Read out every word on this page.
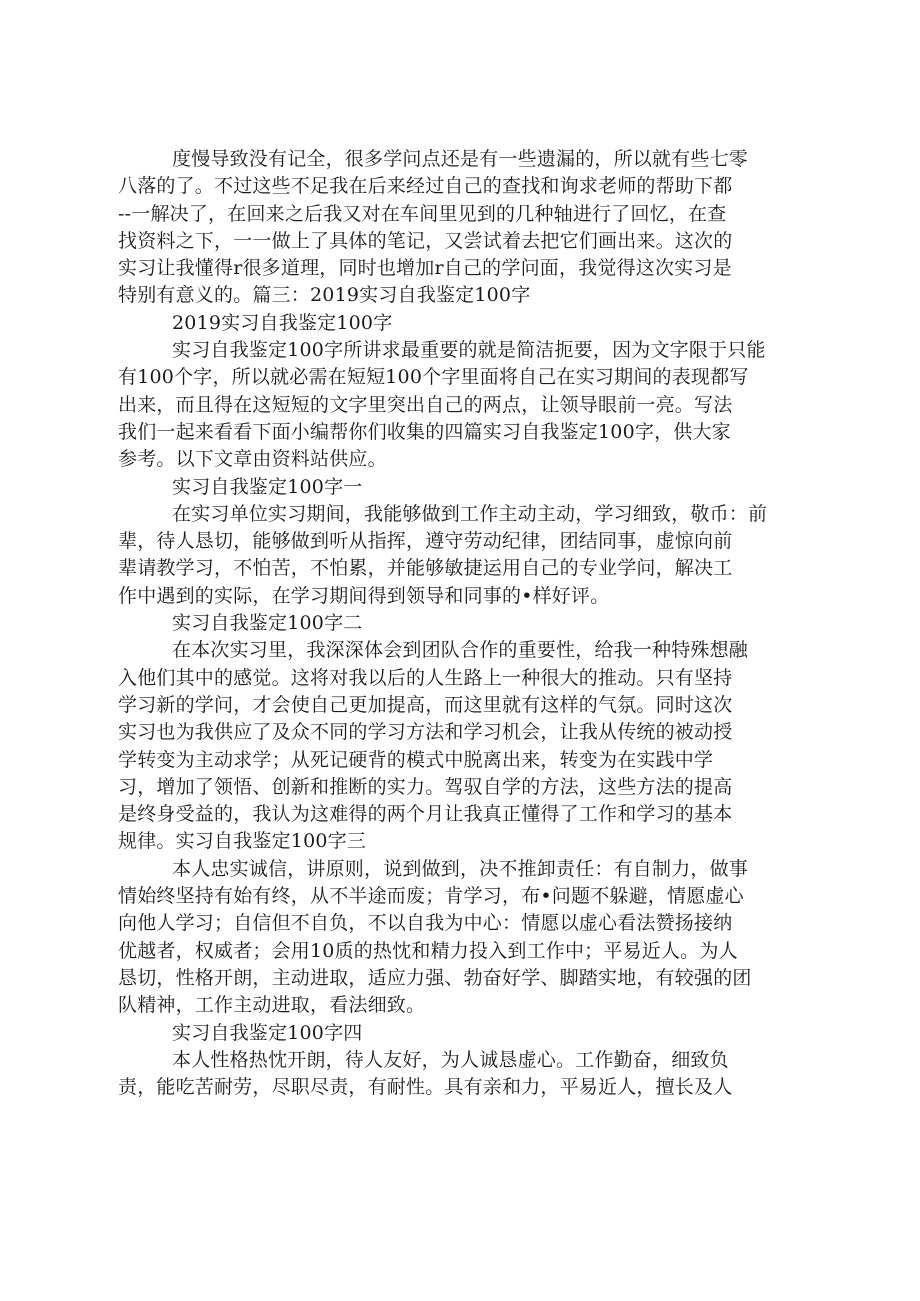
度慢导致没有记全，很多学问点还是有一些遗漏的，所以就有些七零
八落的了。不过这些不足我在后来经过自己的查找和询求老师的帮助下都
--一解决了，在回来之后我又对在车间里见到的几种轴进行了回忆，在查
找资料之下，一一做上了具体的笔记，又尝试着去把它们画出来。这次的
实习让我懂得r很多道理，同时也增加r自己的学问面，我觉得这次实习是
特别有意义的。篇三：2019实习自我鉴定100字
2019实习自我鉴定100字
实习自我鉴定100字所讲求最重要的就是简洁扼要，因为文字限于只能
有100个字，所以就必需在短短100个字里面将自己在实习期间的表现都写
出来，而且得在这短短的文字里突出自己的两点，让领导眼前一亮。写法
我们一起来看看下面小编帮你们收集的四篇实习自我鉴定100字，供大家
参考。以下文章由资料站供应。
实习自我鉴定100字一
在实习单位实习期间，我能够做到工作主动主动，学习细致，敬币：前
辈，待人恳切，能够做到听从指挥，遵守劳动纪律，团结同事，虚惊向前
辈请教学习，不怕苦，不怕累，并能够敏捷运用自己的专业学问，解决工
作中遇到的实际，在学习期间得到领导和同事的•样好评。
实习自我鉴定100字二
在本次实习里，我深深体会到团队合作的重要性，给我一种特殊想融
入他们其中的感觉。这将对我以后的人生路上一种很大的推动。只有坚持
学习新的学问，才会使自己更加提高，而这里就有这样的气氛。同时这次
实习也为我供应了及众不同的学习方法和学习机会，让我从传统的被动授
学转变为主动求学；从死记硬背的模式中脱离出来，转变为在实践中学
习，增加了领悟、创新和推断的实力。驾驭自学的方法，这些方法的提高
是终身受益的，我认为这难得的两个月让我真正懂得了工作和学习的基本
规律。实习自我鉴定100字三
本人忠实诚信，讲原则，说到做到，决不推卸责任：有自制力，做事
情始终坚持有始有终，从不半途而废；肯学习，布•问题不躲避，情愿虚心
向他人学习；自信但不自负，不以自我为中心：情愿以虚心看法赞扬接纳
优越者，权威者；会用10质的热忱和精力投入到工作中；平易近人。为人
恳切，性格开朗，主动进取，适应力强、勃奋好学、脚踏实地，有较强的团
队精神，工作主动进取，看法细致。
实习自我鉴定100字四
本人性格热忱开朗，待人友好，为人诚恳虚心。工作勤奋，细致负
责，能吃苦耐劳，尽职尽责，有耐性。具有亲和力，平易近人，擅长及人
